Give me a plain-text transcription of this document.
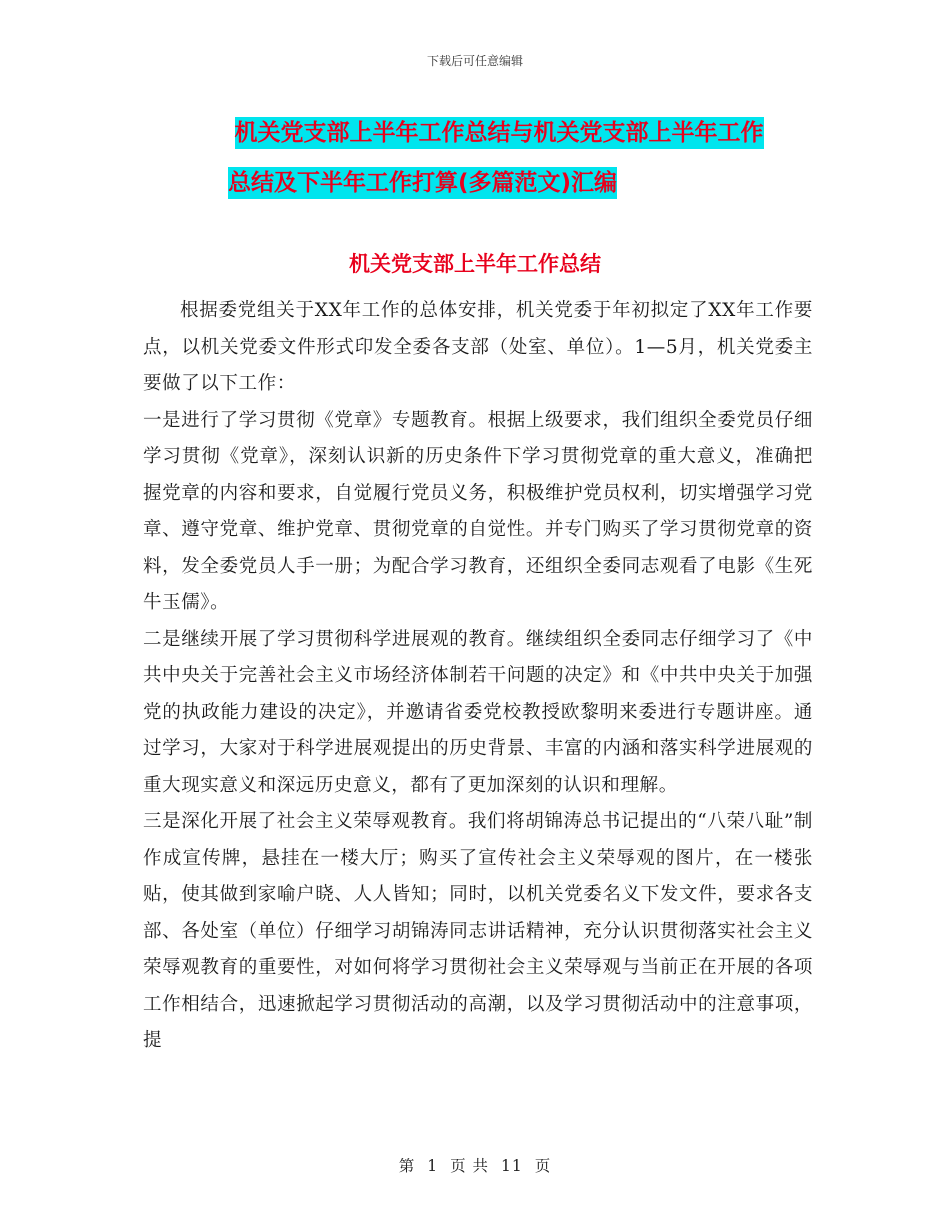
下载后可任意编辑
机关党支部上半年工作总结与机关党支部上半年工作
总结及下半年工作打算(多篇范文)汇编
机关党支部上半年工作总结

根据委党组关于XX年工作的总体安排，机关党委于年初拟定了XX年工作要点，以机关党委文件形式印发全委各支部（处室、单位）。1—5月，机关党委主要做了以下工作：

一是进行了学习贯彻《党章》专题教育。根据上级要求，我们组织全委党员仔细学习贯彻《党章》，深刻认识新的历史条件下学习贯彻党章的重大意义，准确把握党章的内容和要求，自觉履行党员义务，积极维护党员权利，切实增强学习党章、遵守党章、维护党章、贯彻党章的自觉性。并专门购买了学习贯彻党章的资料，发全委党员人手一册；为配合学习教育，还组织全委同志观看了电影《生死牛玉儒》。

二是继续开展了学习贯彻科学进展观的教育。继续组织全委同志仔细学习了《中共中央关于完善社会主义市场经济体制若干问题的决定》和《中共中央关于加强党的执政能力建设的决定》，并邀请省委党校教授欧黎明来委进行专题讲座。通过学习，大家对于科学进展观提出的历史背景、丰富的内涵和落实科学进展观的重大现实意义和深远历史意义，都有了更加深刻的认识和理解。

三是深化开展了社会主义荣辱观教育。我们将胡锦涛总书记提出的“八荣八耻”制作成宣传牌，悬挂在一楼大厅；购买了宣传社会主义荣辱观的图片，在一楼张贴，使其做到家喻户晓、人人皆知；同时，以机关党委名义下发文件，要求各支部、各处室（单位）仔细学习胡锦涛同志讲话精神，充分认识贯彻落实社会主义荣辱观教育的重要性，对如何将学习贯彻社会主义荣辱观与当前正在开展的各项工作相结合，迅速掀起学习贯彻活动的高潮，以及学习贯彻活动中的注意事项，提

第 1 页 共 11 页
